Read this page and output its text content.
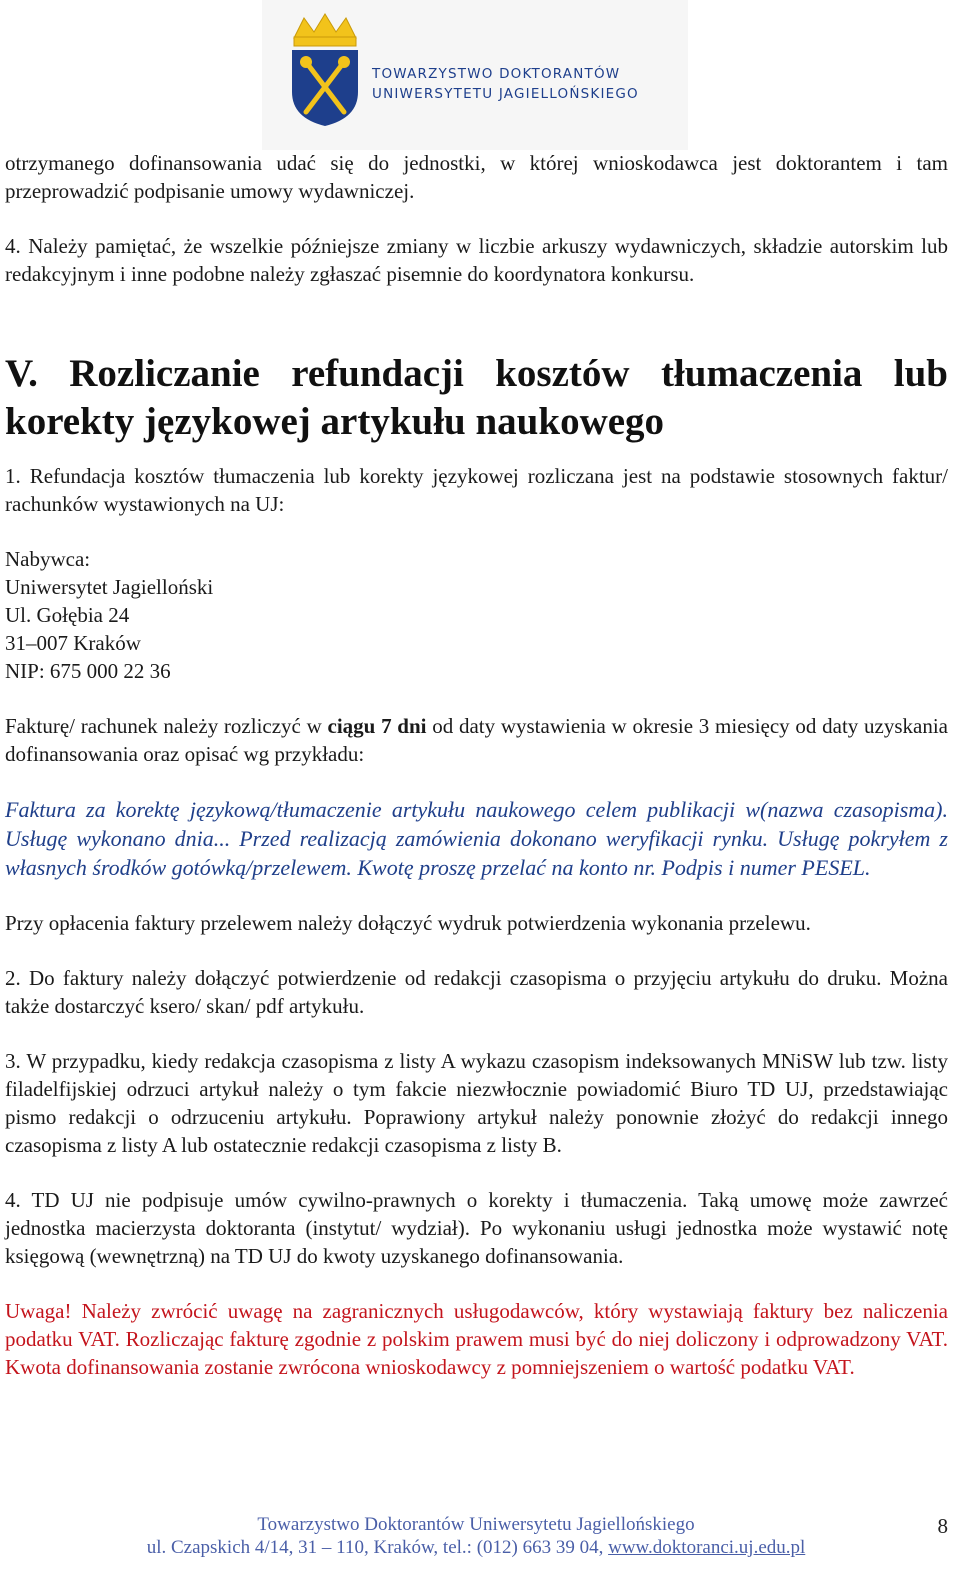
TOWARZYSTWO DOKTORANTÓW
UNIWERSYTETU JAGIELLOŃSKIEGO

otrzymanego dofinansowania udać się do jednostki, w której wnioskodawca jest doktorantem i tam przeprowadzić podpisanie umowy wydawniczej.

4. Należy pamiętać, że wszelkie późniejsze zmiany w liczbie arkuszy wydawniczych, składzie autorskim lub redakcyjnym i inne podobne należy zgłaszać pisemnie do koordynatora konkursu.

V. Rozliczanie refundacji kosztów tłumaczenia lub korekty językowej artykułu naukowego

1. Refundacja kosztów tłumaczenia lub korekty językowej rozliczana jest na podstawie stosownych faktur/ rachunków wystawionych na UJ:

Nabywca:

Uniwersytet Jagielloński

Ul. Gołębia 24

31–007 Kraków

NIP: 675 000 22 36

Fakturę/ rachunek należy rozliczyć w ciągu 7 dni od daty wystawienia w okresie 3 miesięcy od daty uzyskania dofinansowania oraz opisać wg przykładu:

Faktura za korektę językową/tłumaczenie artykułu naukowego celem publikacji w(nazwa czasopisma). Usługę wykonano dnia... Przed realizacją zamówienia dokonano weryfikacji rynku. Usługę pokryłem z własnych środków gotówką/przelewem. Kwotę proszę przelać na konto nr. Podpis i numer PESEL.

Przy opłacenia faktury przelewem należy dołączyć wydruk potwierdzenia wykonania przelewu.

2. Do faktury należy dołączyć potwierdzenie od redakcji czasopisma o przyjęciu artykułu do druku. Można także dostarczyć ksero/ skan/ pdf artykułu.

3. W przypadku, kiedy redakcja czasopisma z listy A wykazu czasopism indeksowanych MNiSW lub tzw. listy filadelfijskiej odrzuci artykuł należy o tym fakcie niezwłocznie powiadomić Biuro TD UJ, przedstawiając pismo redakcji o odrzuceniu artykułu. Poprawiony artykuł należy ponownie złożyć do redakcji innego czasopisma z listy A lub ostatecznie redakcji czasopisma z listy B.

4. TD UJ nie podpisuje umów cywilno-prawnych o korekty i tłumaczenia. Taką umowę może zawrzeć jednostka macierzysta doktoranta (instytut/ wydział). Po wykonaniu usługi jednostka może wystawić notę księgową (wewnętrzną) na TD UJ do kwoty uzyskanego dofinansowania.

Uwaga! Należy zwrócić uwagę na zagranicznych usługodawców, który wystawiają faktury bez naliczenia podatku VAT. Rozliczając fakturę zgodnie z polskim prawem musi być do niej doliczony i odprowadzony VAT. Kwota dofinansowania zostanie zwrócona wnioskodawcy z pomniejszeniem o wartość podatku VAT.

Towarzystwo Doktorantów Uniwersytetu Jagiellońskiego
ul. Czapskich 4/14, 31 – 110, Kraków, tel.: (012) 663 39 04, www.doktoranci.uj.edu.pl
8
